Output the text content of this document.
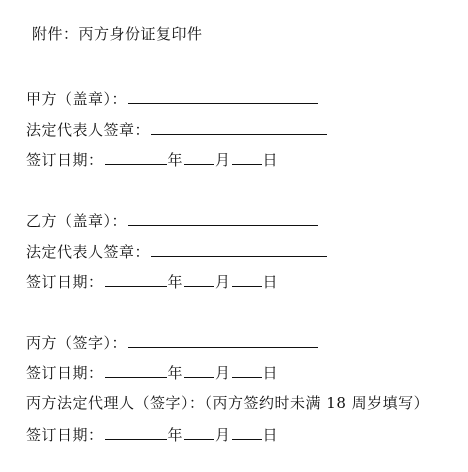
附件：丙方身份证复印件
甲方（盖章）：
法定代表人签章：
签订日期：	年 月 日
乙方（盖章）：
法定代表人签章：
签订日期：	年 月 日
丙方（签字）：
签订日期：	年 月 日
丙方法定代理人（签字）：（丙方签约时未满 18 周岁填写）
签订日期：	年 月 日
